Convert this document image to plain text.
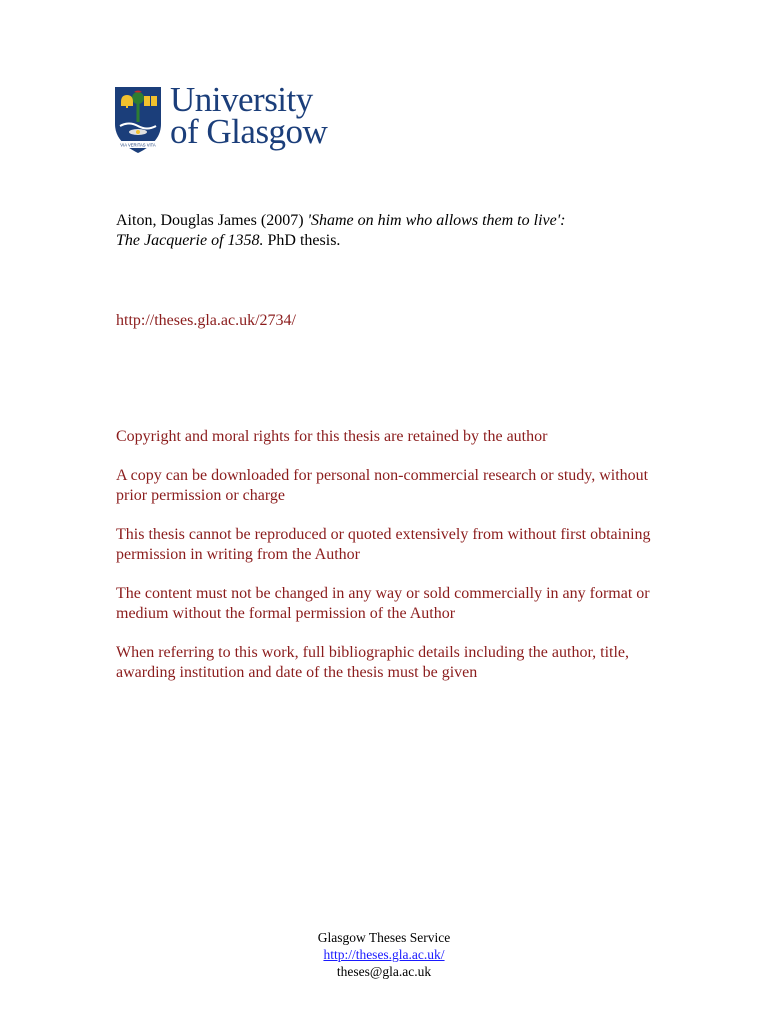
VIA VERITAS VITA
University
of Glasgow
Aiton, Douglas James (2007) 'Shame on him who allows them to live':
The Jacquerie of 1358. PhD thesis.
http://theses.gla.ac.uk/2734/

Copyright and moral rights for this thesis are retained by the author

A copy can be downloaded for personal non-commercial research or study, without prior permission or charge

This thesis cannot be reproduced or quoted extensively from without first obtaining permission in writing from the Author

The content must not be changed in any way or sold commercially in any format or medium without the formal permission of the Author

When referring to this work, full bibliographic details including the author, title, awarding institution and date of the thesis must be given

Glasgow Theses Service
http://theses.gla.ac.uk/
theses@gla.ac.uk
